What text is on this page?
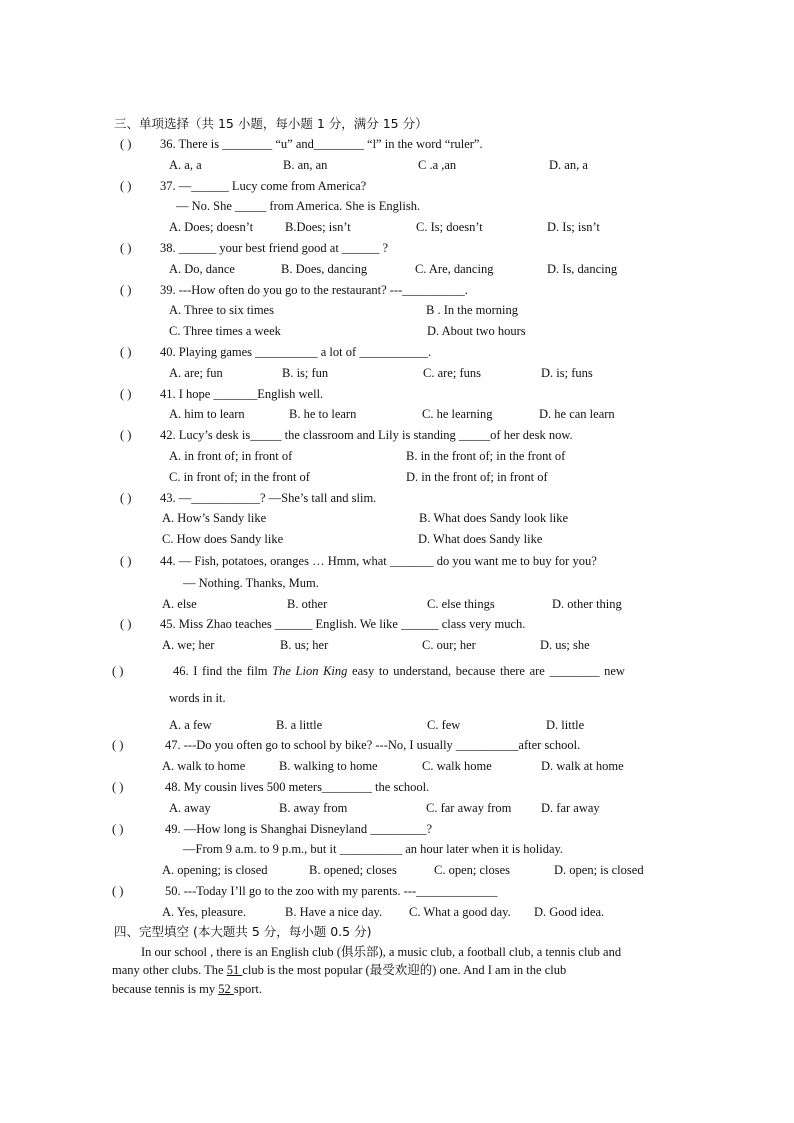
三、单项选择（共 15 小题，每小题 1 分，满分 15 分）
( ) 36. There is ________ “u” and________ “l” in the word “ruler”.
A. a, a	B. an, an	C .a ,an	D. an, a
( ) 37. —______ Lucy come from America?
— No. She _____ from America. She is English.
A. Does; doesn’t	B.Does; isn’t	C. Is; doesn’t	D. Is; isn’t
( ) 38. ______ your best friend good at ______ ?
A. Do, dance	B. Does, dancing	C. Are, dancing	D. Is, dancing
( ) 39. ---How often do you go to the restaurant? ---__________.
A. Three to six times	B . In the morning
C. Three times a week	D. About two hours
( ) 40. Playing games __________ a lot of ___________.
A. are; fun	B. is; fun	C. are; funs	D. is; funs
( ) 41. I hope _______English well.
A. him to learn	B. he to learn	C. he learning	D. he can learn
( ) 42. Lucy’s desk is_____ the classroom and Lily is standing _____of her desk now.
A. in front of; in front of	B. in the front of; in the front of
C. in front of; in the front of	D. in the front of; in front of
( ) 43. —___________? —She’s tall and slim.
A. How’s Sandy like	B. What does Sandy look like
C. How does Sandy like	D. What does Sandy like
( ) 44. — Fish, potatoes, oranges … Hmm, what _______ do you want me to buy for you?
— Nothing. Thanks, Mum.
A. else	B. other	C. else things	D. other thing
( ) 45. Miss Zhao teaches ______ English. We like ______ class very much.
A. we; her	B. us; her	C. our; her	D. us; she
( )	46. I find the film The Lion King easy to understand, because there are ________ new
words in it.
A. a few	B. a little	C. few	D. little
( )	47. ---Do you often go to school by bike? ---No, I usually __________after school.
A. walk to home	B. walking to home	C. walk home	D. walk at home
( )	48. My cousin lives 500 meters________ the school.
A. away	B. away from	C. far away from D. far away
( )	49. —How long is Shanghai Disneyland _________?
—From 9 a.m. to 9 p.m., but it __________ an hour later when it is holiday.
A. opening; is closed	B. opened; closes	C. open; closes	D. open; is closed
( )	50. ---Today I’ll go to the zoo with my parents. ---_____________
A. Yes, pleasure.	B. Have a nice day. C. What a good day. D. Good idea.
四、完型填空 (本大题共 5 分，每小题 0.5 分)
In our school , there is an English club (俱乐部), a music club, a football club, a tennis club and
many other clubs. The 51 club is the most popular (最受欢迎的) one. And I am in the club
because tennis is my 52 sport.
